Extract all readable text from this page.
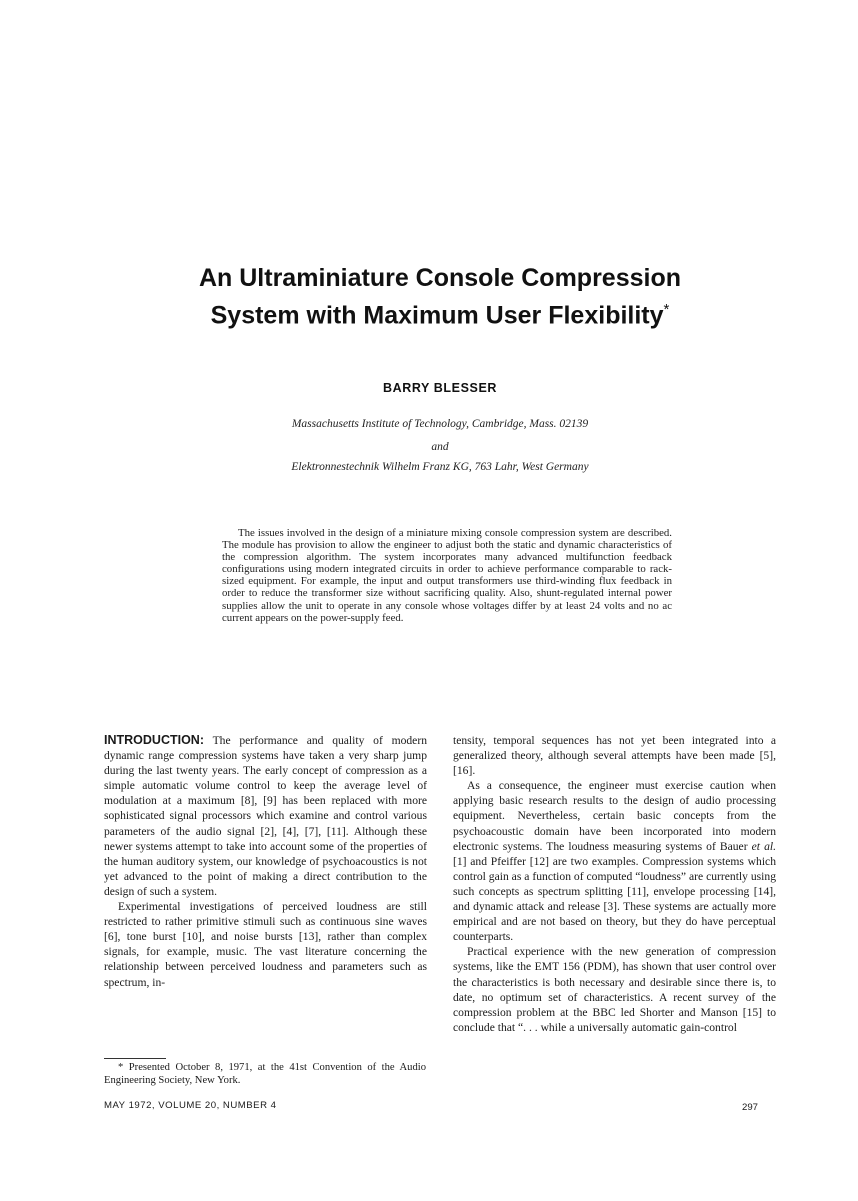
An Ultraminiature Console Compression
System with Maximum User Flexibility*
BARRY BLESSER
Massachusetts Institute of Technology, Cambridge, Mass. 02139
and
Elektronnestechnik Wilhelm Franz KG, 763 Lahr, West Germany

The issues involved in the design of a miniature mixing console compression system are described. The module has provision to allow the engineer to adjust both the static and dynamic characteristics of the compression algorithm. The system incorporates many advanced multifunction feedback configurations using modern integrated circuits in order to achieve performance comparable to rack-sized equipment. For example, the input and output transformers use third-winding flux feedback in order to reduce the transformer size without sacrificing quality. Also, shunt-regulated internal power supplies allow the unit to operate in any console whose voltages differ by at least 24 volts and no ac current appears on the power-supply feed.

INTRODUCTION: The performance and quality of modern dynamic range compression systems have taken a very sharp jump during the last twenty years. The early concept of compression as a simple automatic volume control to keep the average level of modulation at a maximum [8], [9] has been replaced with more sophisticated signal processors which examine and control various parameters of the audio signal [2], [4], [7], [11]. Although these newer systems attempt to take into account some of the properties of the human auditory system, our knowledge of psychoacoustics is not yet advanced to the point of making a direct contribution to the design of such a system.

Experimental investigations of perceived loudness are still restricted to rather primitive stimuli such as continuous sine waves [6], tone burst [10], and noise bursts [13], rather than complex signals, for example, music. The vast literature concerning the relationship between perceived loudness and parameters such as spectrum, in-

tensity, temporal sequences has not yet been integrated into a generalized theory, although several attempts have been made [5], [16].

As a consequence, the engineer must exercise caution when applying basic research results to the design of audio processing equipment. Nevertheless, certain basic concepts from the psychoacoustic domain have been incorporated into modern electronic systems. The loudness measuring systems of Bauer et al. [1] and Pfeiffer [12] are two examples. Compression systems which control gain as a function of computed “loudness” are currently using such concepts as spectrum splitting [11], envelope processing [14], and dynamic attack and release [3]. These systems are actually more empirical and are not based on theory, but they do have perceptual counterparts.

Practical experience with the new generation of compression systems, like the EMT 156 (PDM), has shown that user control over the characteristics is both necessary and desirable since there is, to date, no optimum set of characteristics. A recent survey of the compression problem at the BBC led Shorter and Manson [15] to conclude that “. . . while a universally automatic gain-control

* Presented October 8, 1971, at the 41st Convention of the Audio Engineering Society, New York.

MAY 1972, VOLUME 20, NUMBER 4	297
